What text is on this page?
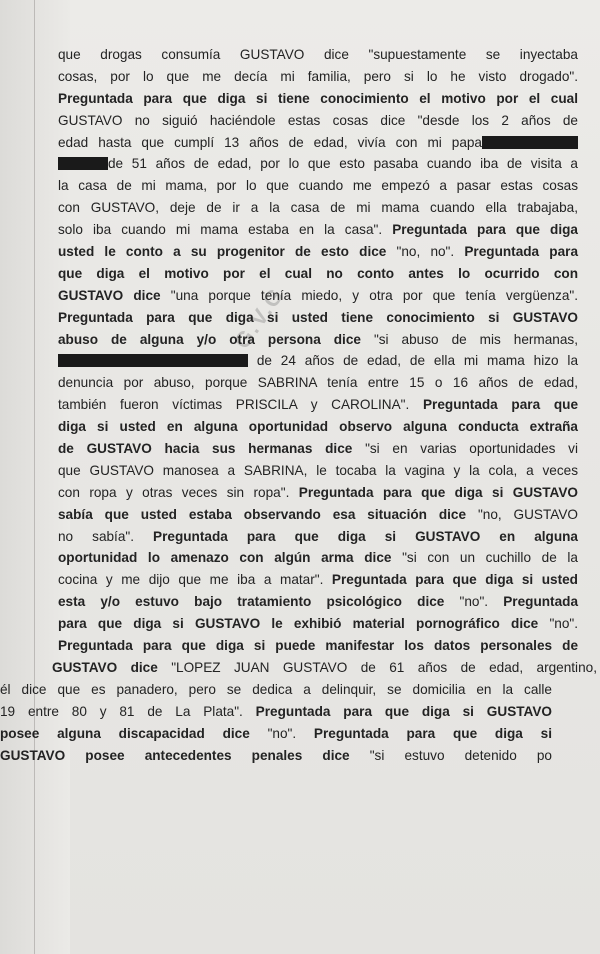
G.V.G
que drogas consumía GUSTAVO dice "supuestamente se inyectaba
cosas, por lo que me decía mi familia, pero si lo he visto drogado".
Preguntada para que diga si tiene conocimiento el motivo por el cual
GUSTAVO no siguió haciéndole estas cosas dice "desde los 2 años de
edad hasta que cumplí 13 años de edad, vivía con mi papa
de 51 años de edad, por lo que esto pasaba cuando iba de visita a
la casa de mi mama, por lo que cuando me empezó a pasar estas cosas
con GUSTAVO, deje de ir a la casa de mi mama cuando ella trabajaba,
solo iba cuando mi mama estaba en la casa". Preguntada para que diga
usted le conto a su progenitor de esto dice "no, no". Preguntada para
que diga el motivo por el cual no conto antes lo ocurrido con
GUSTAVO dice "una porque tenía miedo, y otra por que tenía vergüenza".
Preguntada para que diga si usted tiene conocimiento si GUSTAVO
abuso de alguna y/o otra persona dice "si abuso de mis hermanas,
de 24 años de edad, de ella mi mama hizo la
denuncia por abuso, porque SABRINA tenía entre 15 o 16 años de edad,
también fueron víctimas PRISCILA y CAROLINA". Preguntada para que
diga si usted en alguna oportunidad observo alguna conducta extraña
de GUSTAVO hacia sus hermanas dice "si en varias oportunidades vi
que GUSTAVO manosea a SABRINA, le tocaba la vagina y la cola, a veces
con ropa y otras veces sin ropa". Preguntada para que diga si GUSTAVO
sabía que usted estaba observando esa situación dice "no, GUSTAVO
no sabía". Preguntada para que diga si GUSTAVO en alguna
oportunidad lo amenazo con algún arma dice "si con un cuchillo de la
cocina y me dijo que me iba a matar". Preguntada para que diga si usted
esta y/o estuvo bajo tratamiento psicológico dice "no". Preguntada
para que diga si GUSTAVO le exhibió material pornográfico dice "no".
Preguntada para que diga si puede manifestar los datos personales de
GUSTAVO dice "LOPEZ JUAN GUSTAVO de 61 años de edad, argentino,
él dice que es panadero, pero se dedica a delinquir, se domicilia en la calle
19 entre 80 y 81 de La Plata". Preguntada para que diga si GUSTAVO
posee alguna discapacidad dice "no". Preguntada para que diga si
GUSTAVO posee antecedentes penales dice "si estuvo detenido po
